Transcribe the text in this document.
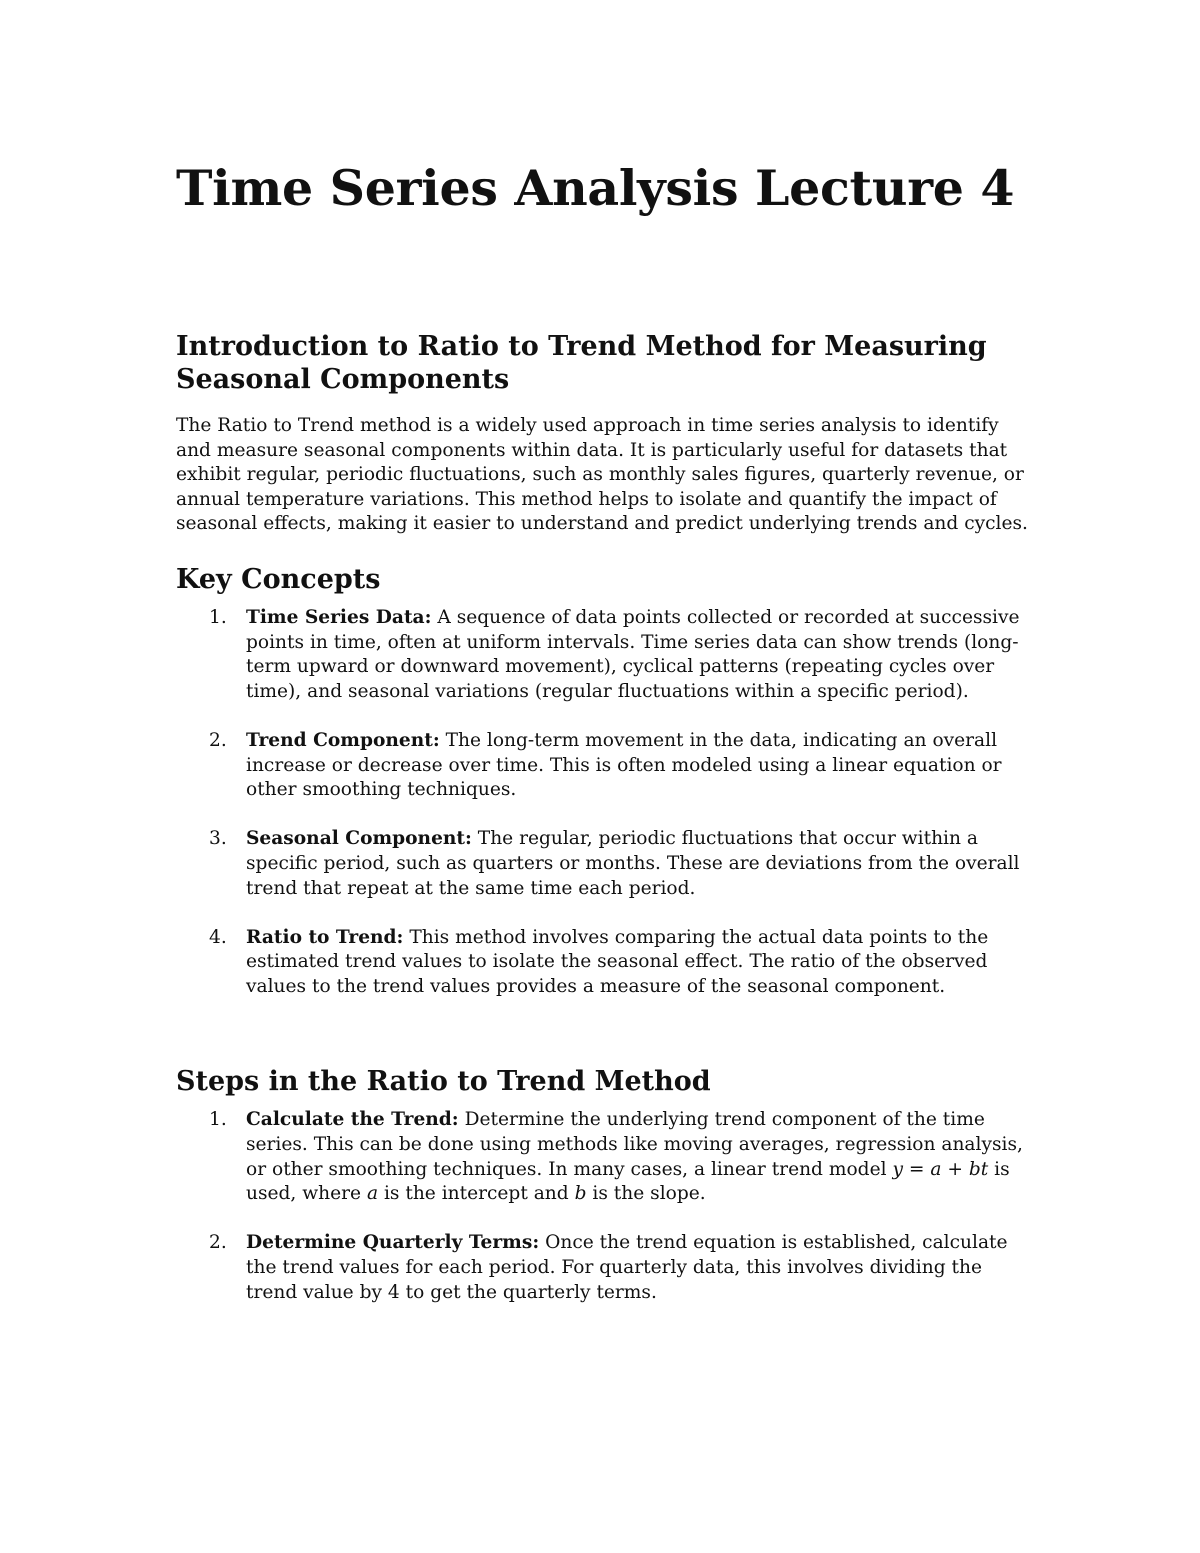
Time Series Analysis Lecture 4
Introduction to Ratio to Trend Method for Measuring Seasonal Components

The Ratio to Trend method is a widely used approach in time series analysis to identify and measure seasonal components within data. It is particularly useful for datasets that exhibit regular, periodic fluctuations, such as monthly sales figures, quarterly revenue, or annual temperature variations. This method helps to isolate and quantify the impact of seasonal effects, making it easier to understand and predict underlying trends and cycles.

Key Concepts
1. Time Series Data: A sequence of data points collected or recorded at successive points in time, often at uniform intervals. Time series data can show trends (long-term upward or downward movement), cyclical patterns (repeating cycles over time), and seasonal variations (regular fluctuations within a specific period).
2. Trend Component: The long-term movement in the data, indicating an overall increase or decrease over time. This is often modeled using a linear equation or other smoothing techniques.
3. Seasonal Component: The regular, periodic fluctuations that occur within a specific period, such as quarters or months. These are deviations from the overall trend that repeat at the same time each period.
4. Ratio to Trend: This method involves comparing the actual data points to the estimated trend values to isolate the seasonal effect. The ratio of the observed values to the trend values provides a measure of the seasonal component.
Steps in the Ratio to Trend Method
1. Calculate the Trend: Determine the underlying trend component of the time series. This can be done using methods like moving averages, regression analysis, or other smoothing techniques. In many cases, a linear trend model y = a + bt is used, where a is the intercept and b is the slope.
2. Determine Quarterly Terms: Once the trend equation is established, calculate the trend values for each period. For quarterly data, this involves dividing the trend value by 4 to get the quarterly terms.
